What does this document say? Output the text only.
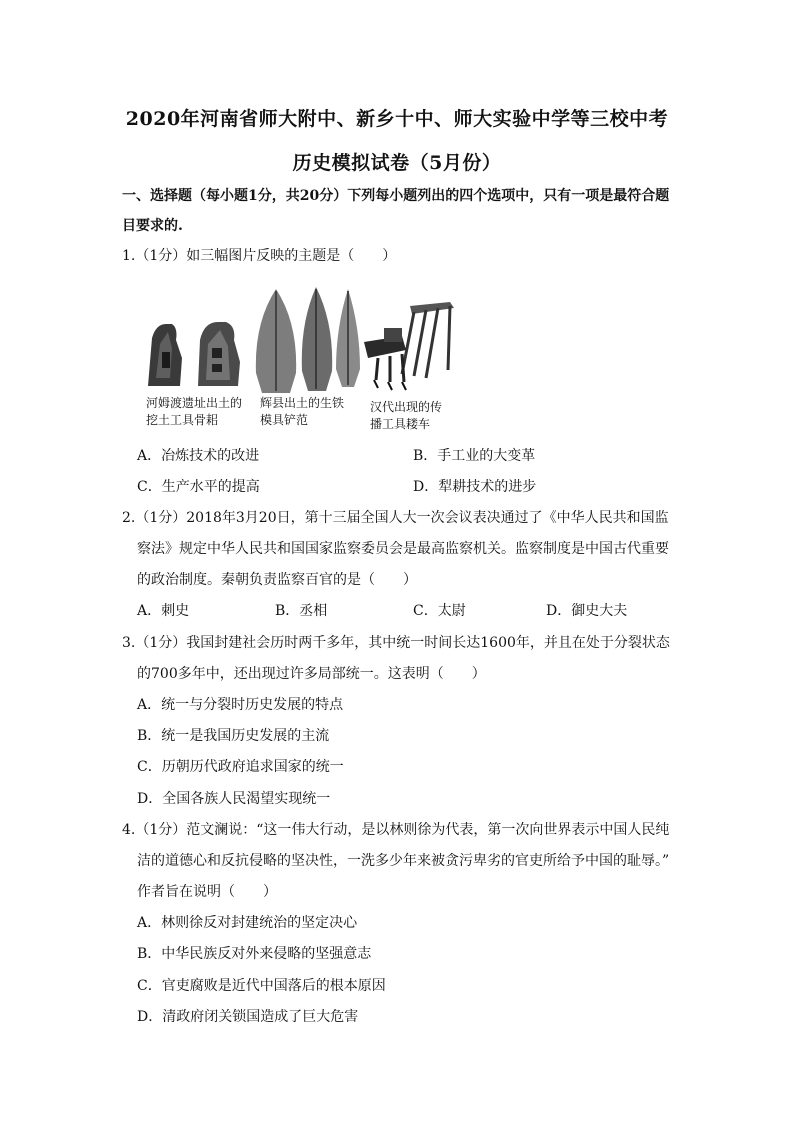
2020年河南省师大附中、新乡十中、师大实验中学等三校中考
历史模拟试卷（5月份）
一、选择题（每小题1分，共20分）下列每小题列出的四个选项中，只有一项是最符合题
目要求的.
1.（1分）如三幅图片反映的主题是（　　）
河姆渡遗址出土的
挖土工具骨耜
辉县出土的生铁
模具铲范
汉代出现的传
播工具耧车
A．冶炼技术的改进	B．手工业的大变革
C．生产水平的提高	D．犁耕技术的进步
2.（1分）2018年3月20日，第十三届全国人大一次会议表决通过了《中华人民共和国监
察法》规定中华人民共和国国家监察委员会是最高监察机关。监察制度是中国古代重要
的政治制度。秦朝负责监察百官的是（　　）
A．刺史	B．丞相	C．太尉	D．御史大夫
3.（1分）我国封建社会历时两千多年，其中统一时间长达1600年，并且在处于分裂状态
的700多年中，还出现过许多局部统一。这表明（　　）
A．统一与分裂时历史发展的特点
B．统一是我国历史发展的主流
C．历朝历代政府追求国家的统一
D．全国各族人民渴望实现统一
4.（1分）范文澜说：“这一伟大行动，是以林则徐为代表，第一次向世界表示中国人民纯
洁的道德心和反抗侵略的坚决性，一洗多少年来被贪污卑劣的官吏所给予中国的耻辱。”
作者旨在说明（　　）
A．林则徐反对封建统治的坚定决心
B．中华民族反对外来侵略的坚强意志
C．官吏腐败是近代中国落后的根本原因
D．清政府闭关锁国造成了巨大危害
